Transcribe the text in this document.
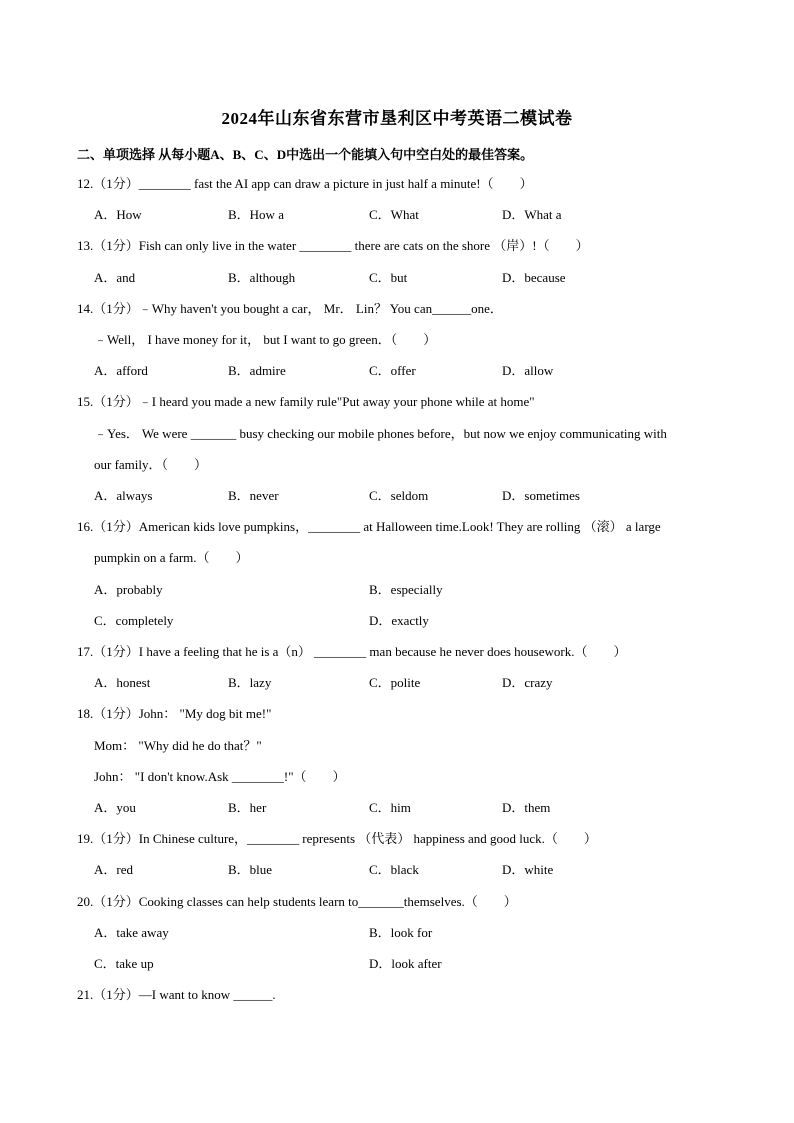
2024年山东省东营市垦利区中考英语二模试卷
二、单项选择 从每小题A、B、C、D中选出一个能填入句中空白处的最佳答案。
12.（1分）________ fast the AI app can draw a picture in just half a minute!（　　）
A．How	B．How a	C．What	D．What a
13.（1分）Fish can only live in the water ________ there are cats on the shore （岸）!（　　）
A．and	B．although	C．but	D．because
14.（1分）﹣Why haven't you bought a car， Mr． Lin？ You can______one．
﹣Well， I have money for it， but I want to go green．（　　）
A．afford	B．admire	C．offer	D．allow
15.（1分）﹣I heard you made a new family rule"Put away your phone while at home"
﹣Yes． We were _______ busy checking our mobile phones before，but now we enjoy communicating with
our family．（　　）
A．always	B．never	C．seldom	D．sometimes
16.（1分）American kids love pumpkins，________ at Halloween time.Look! They are rolling （滚） a large
pumpkin on a farm.（　　）
A．probably	B．especially
C．completely	D．exactly
17.（1分）I have a feeling that he is a（n） ________ man because he never does housework.（　　）
A．honest	B．lazy	C．polite	D．crazy
18.（1分）John： "My dog bit me!"
Mom： "Why did he do that？"
John： "I don't know.Ask ________!"（　　）
A．you	B．her	C．him	D．them
19.（1分）In Chinese culture，________ represents （代表） happiness and good luck.（　　）
A．red	B．blue	C．black	D．white
20.（1分）Cooking classes can help students learn to_______themselves.（　　）
A．take away	B．look for
C．take up	D．look after
21.（1分）—I want to know ______.
